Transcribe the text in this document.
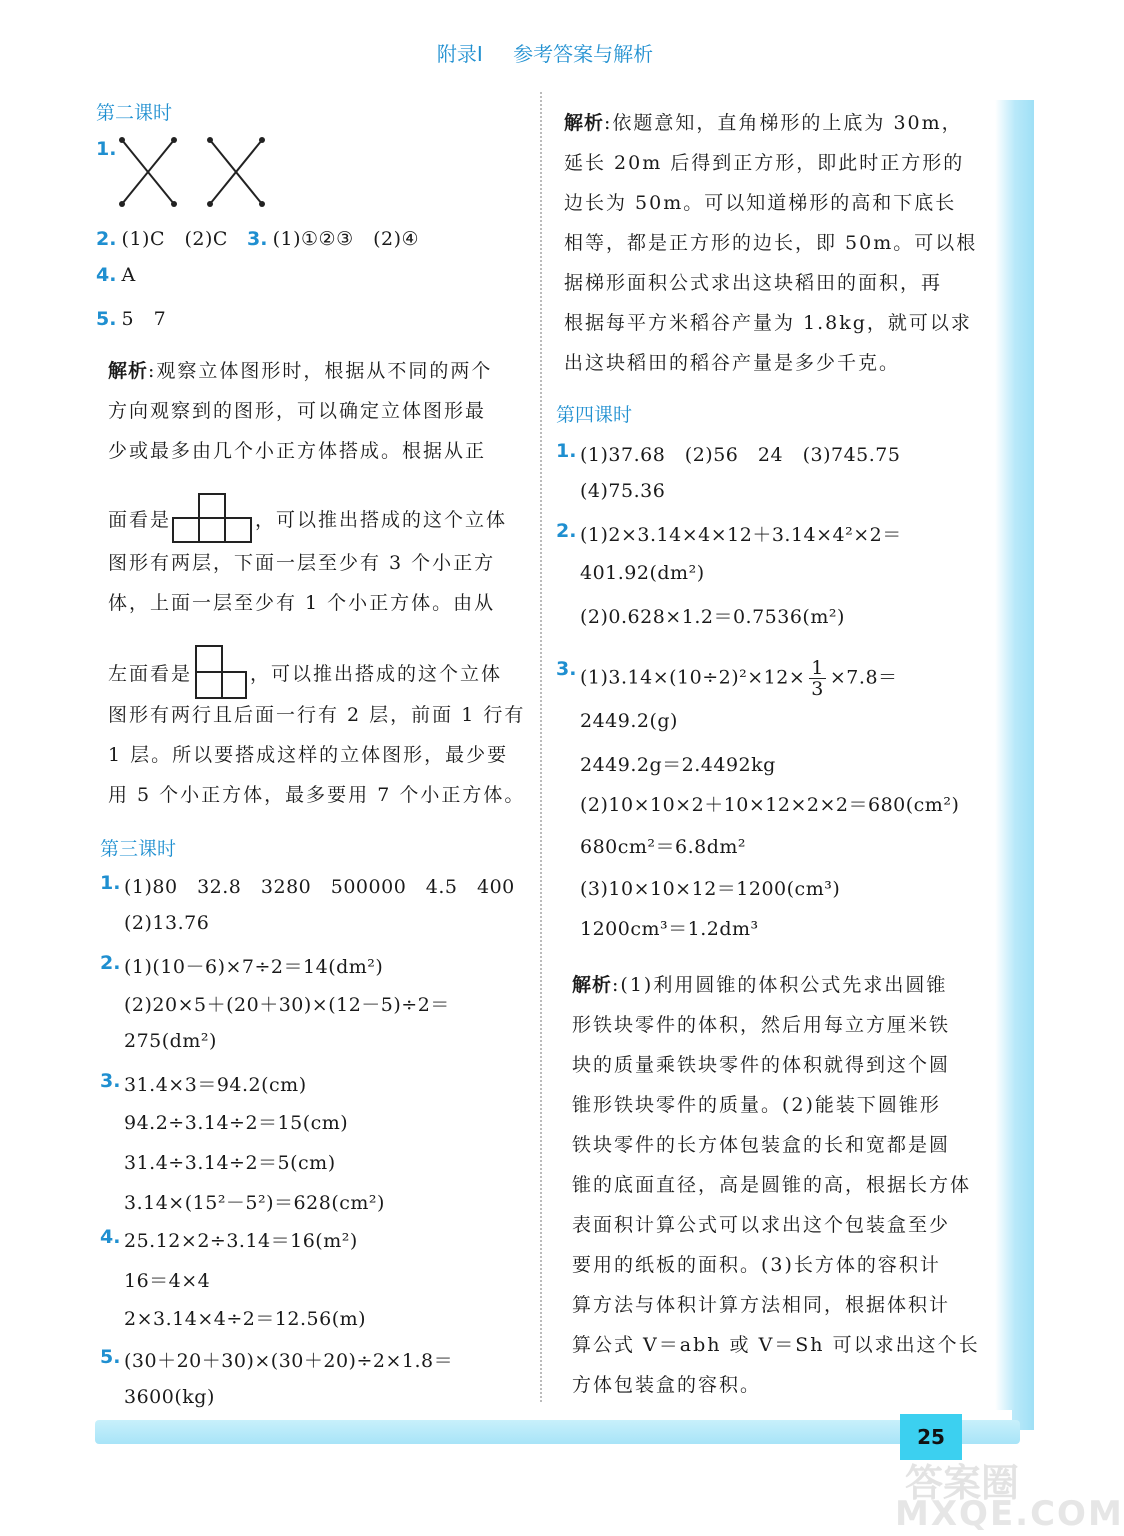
附录Ⅰ 参考答案与解析
第二课时
1.
2. (1)C　(2)C 3. (1)①②③　(2)④
4. A
5. 5　7
解析:观察立体图形时，根据从不同的两个
方向观察到的图形，可以确定立体图形最
少或最多由几个小正方体搭成。根据从正
面看是	，可以推出搭成的这个立体
图形有两层，下面一层至少有 3 个小正方
体，上面一层至少有 1 个小正方体。由从
左面看是	，可以推出搭成的这个立体
图形有两行且后面一行有 2 层，前面 1 行有
1 层。所以要搭成这样的立体图形，最少要
用 5 个小正方体，最多要用 7 个小正方体。
第三课时
1. (1)80　32.8　3280　500000　4.5　400
(2)13.76
2. (1)(10－6)×7÷2＝14(dm²)
(2)20×5＋(20＋30)×(12－5)÷2＝
275(dm²)
3. 31.4×3＝94.2(cm)
94.2÷3.14÷2＝15(cm)
31.4÷3.14÷2＝5(cm)
3.14×(15²－5²)＝628(cm²)
4. 25.12×2÷3.14＝16(m²)
16＝4×4
2×3.14×4÷2＝12.56(m)
5. (30＋20＋30)×(30＋20)÷2×1.8＝
3600(kg)
解析:依题意知，直角梯形的上底为 30m，
延长 20m 后得到正方形，即此时正方形的
边长为 50m。可以知道梯形的高和下底长
相等，都是正方形的边长，即 50m。可以根
据梯形面积公式求出这块稻田的面积，再
根据每平方米稻谷产量为 1.8kg，就可以求
出这块稻田的稻谷产量是多少千克。
第四课时
1. (1)37.68　(2)56　24　(3)745.75
(4)75.36
2. (1)2×3.14×4×12＋3.14×4²×2＝
401.92(dm²)
(2)0.628×1.2＝0.7536(m²)
3. $(1)3.14\times(10\div 2)^2\times 12\times \frac{1}{3} \times 7.8=$
2449.2(g)
2449.2g＝2.4492kg
(2)10×10×2＋10×12×2×2＝680(cm²)
680cm²＝6.8dm²
(3)10×10×12＝1200(cm³)
1200cm³＝1.2dm³
解析:(1)利用圆锥的体积公式先求出圆锥
形铁块零件的体积，然后用每立方厘米铁
块的质量乘铁块零件的体积就得到这个圆
锥形铁块零件的质量。(2)能装下圆锥形
铁块零件的长方体包装盒的长和宽都是圆
锥的底面直径，高是圆锥的高，根据长方体
表面积计算公式可以求出这个包装盒至少
要用的纸板的面积。(3)长方体的容积计
算方法与体积计算方法相同，根据体积计
算公式 V＝abh 或 V＝Sh 可以求出这个长
方体包装盒的容积。
25
答案圈
MXQE.COM
